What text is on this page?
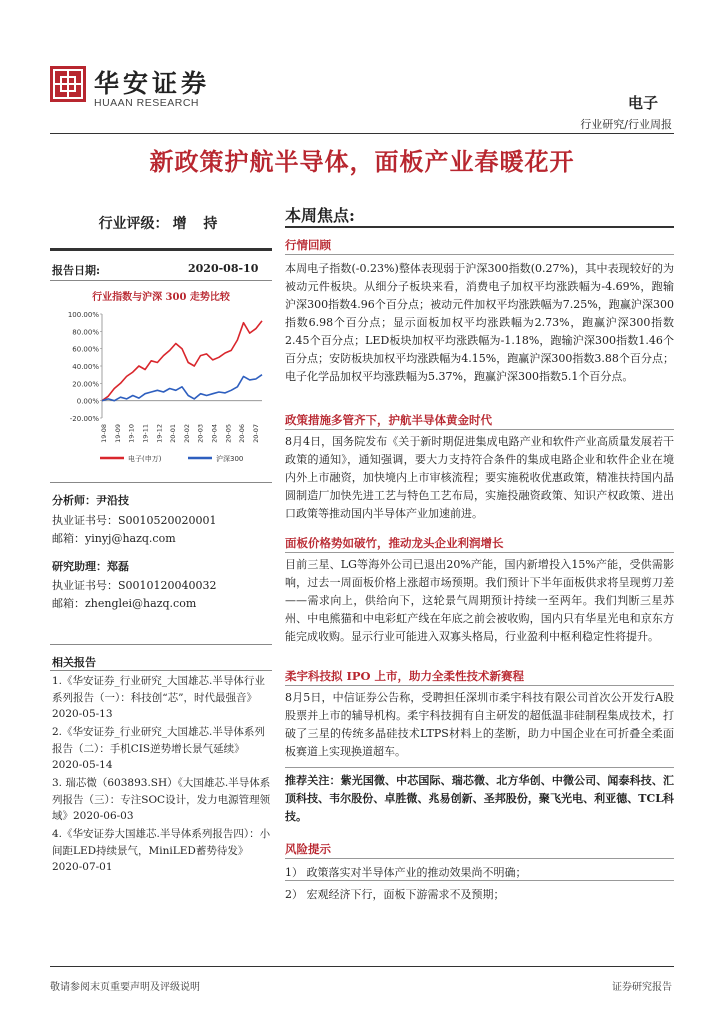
华安证券
HUAAN RESEARCH	电子
行业研究/行业周报
新政策护航半导体，面板产业春暖花开
行业评级： 增 持
报告日期:	2020-08-10
行业指数与沪深 300 走势比较
100.00%
80.00%
60.00%
40.00%
20.00%
0.00%
-20.00%
19-08 19-09 19-10 19-11 19-12 20-01 20-02 20-03 20-04 20-05 20-06 20-07
电子(申万)	沪深300
分析师：尹沿技
执业证书号：S0010520020001
邮箱：yinyj@hazq.com
研究助理：郑磊
执业证书号：S0010120040032
邮箱：zhenglei@hazq.com
相关报告
1.《华安证券_行业研究_大国雄芯.半导体行业系列报告（一）：科技创“芯”，时代最强音》2020-05-13
2.《华安证券_行业研究_大国雄芯.半导体系列报告（二）：手机CIS逆势增长景气延续》2020-05-14
3. 瑞芯微（603893.SH）《大国雄芯.半导体系列报告（三）：专注SOC设计，发力电源管理领域》2020-06-03
4.《华安证券大国雄芯.半导体系列报告四）：小间距LED持续景气，MiniLED蓄势待发》2020-07-01
本周焦点:
行情回顾
本周电子指数(-0.23%)整体表现弱于沪深300指数(0.27%)，其中表现较好的为被动元件板块。从细分子板块来看，消费电子加权平均涨跌幅为-4.69%，跑输沪深300指数4.96个百分点；被动元件加权平均涨跌幅为7.25%，跑赢沪深300指数6.98个百分点；显示面板加权平均涨跌幅为2.73%，跑赢沪深300指数2.45个百分点；LED板块加权平均涨跌幅为-1.18%，跑输沪深300指数1.46个百分点；安防板块加权平均涨跌幅为4.15%，跑赢沪深300指数3.88个百分点；电子化学品加权平均涨跌幅为5.37%，跑赢沪深300指数5.1个百分点。
政策措施多管齐下，护航半导体黄金时代
8月4日，国务院发布《关于新时期促进集成电路产业和软件产业高质量发展若干政策的通知》，通知强调，要大力支持符合条件的集成电路企业和软件企业在境内外上市融资，加快境内上市审核流程；要实施税收优惠政策，精准扶持国内晶圆制造厂加快先进工艺与特色工艺布局，实施投融资政策、知识产权政策、进出口政策等推动国内半导体产业加速前进。
面板价格势如破竹，推动龙头企业利润增长
目前三星、LG等海外公司已退出20%产能，国内新增投入15%产能，受供需影响，过去一周面板价格上涨超市场预期。我们预计下半年面板供求将呈现剪刀差——需求向上，供给向下，这轮景气周期预计持续一至两年。我们判断三星苏州、中电熊猫和中电彩虹产线在年底之前会被收购，国内只有华星光电和京东方能完成收购。显示行业可能进入双寡头格局，行业盈利中枢利稳定性将提升。
柔宇科技拟 IPO 上市，助力全柔性技术新赛程
8月5日，中信证券公告称，受聘担任深圳市柔宇科技有限公司首次公开发行A股股票并上市的辅导机构。柔宇科技拥有自主研发的超低温非硅制程集成技术，打破了三星的传统多晶硅技术LTPS材料上的垄断，助力中国企业在可折叠全柔面板赛道上实现换道超车。
推荐关注：紫光国微、中芯国际、瑞芯微、北方华创、中微公司、闻泰科技、汇顶科技、韦尔股份、卓胜微、兆易创新、圣邦股份，聚飞光电、利亚德、TCL科技。
风险提示
1） 政策落实对半导体产业的推动效果尚不明确；
2） 宏观经济下行，面板下游需求不及预期；
敬请参阅末页重要声明及评级说明	证券研究报告
